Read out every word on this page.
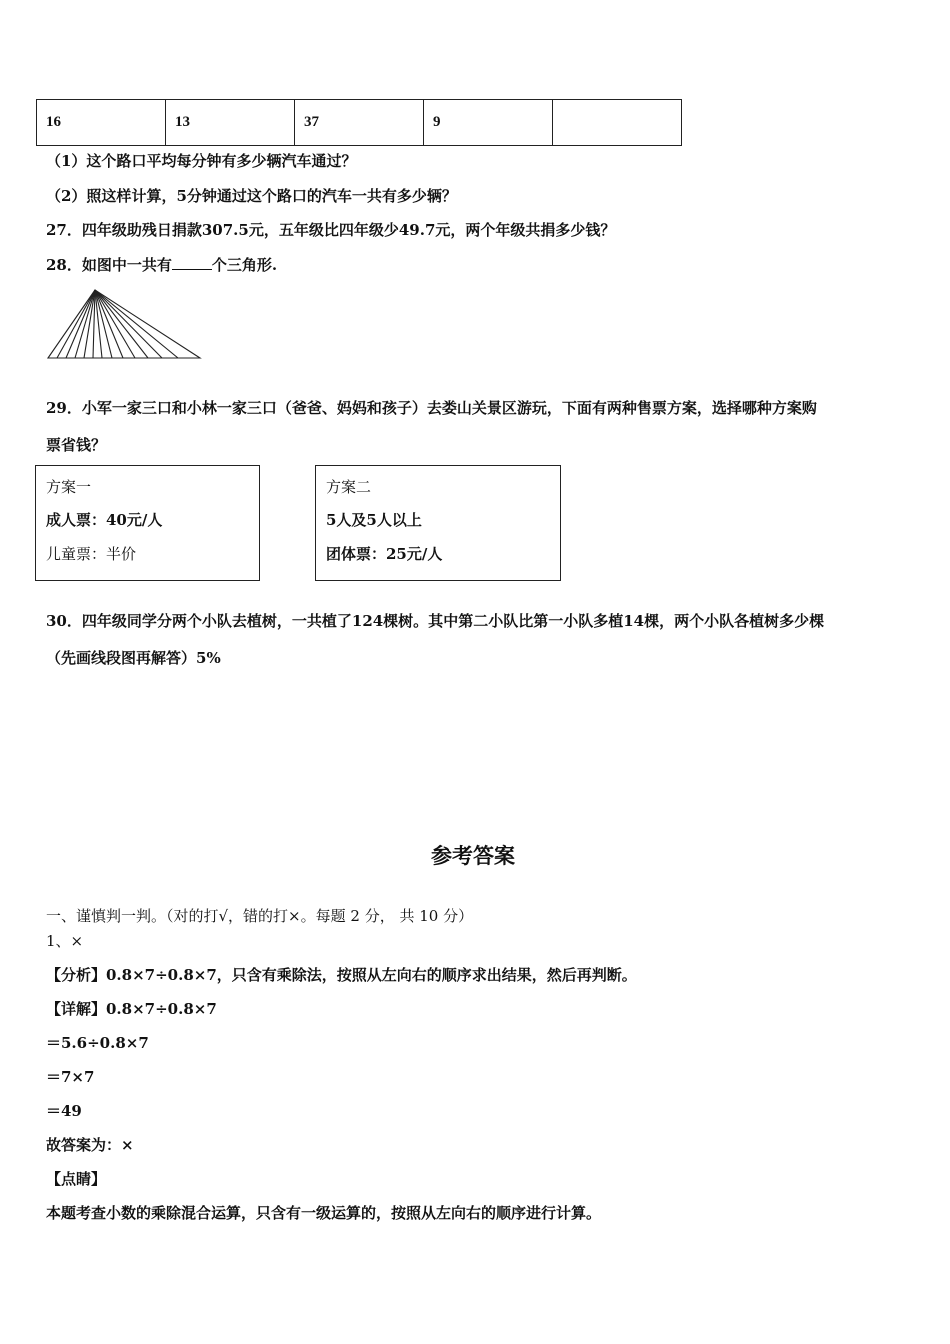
16	13	37	9	
（1）这个路口平均每分钟有多少辆汽车通过？
（2）照这样计算，5分钟通过这个路口的汽车一共有多少辆？
27．四年级助残日捐款307.5元，五年级比四年级少49.7元，两个年级共捐多少钱？
28．如图中一共有	个三角形.
29．小军一家三口和小林一家三口（爸爸、妈妈和孩子）去娄山关景区游玩，下面有两种售票方案，选择哪种方案购
票省钱？
方案一
成人票：40元/人
儿童票：半价
方案二
5人及5人以上
团体票：25元/人
30．四年级同学分两个小队去植树，一共植了124棵树。其中第二小队比第一小队多植14棵，两个小队各植树多少棵
（先画线段图再解答）5%
参考答案
一、谨慎判一判。（对的打√，错的打×。每题 2 分， 共 10 分）
1、×
【分析】0.8×7÷0.8×7，只含有乘除法，按照从左向右的顺序求出结果，然后再判断。
【详解】0.8×7÷0.8×7
＝5.6÷0.8×7
＝7×7
＝49
故答案为：×
【点睛】
本题考查小数的乘除混合运算，只含有一级运算的，按照从左向右的顺序进行计算。
